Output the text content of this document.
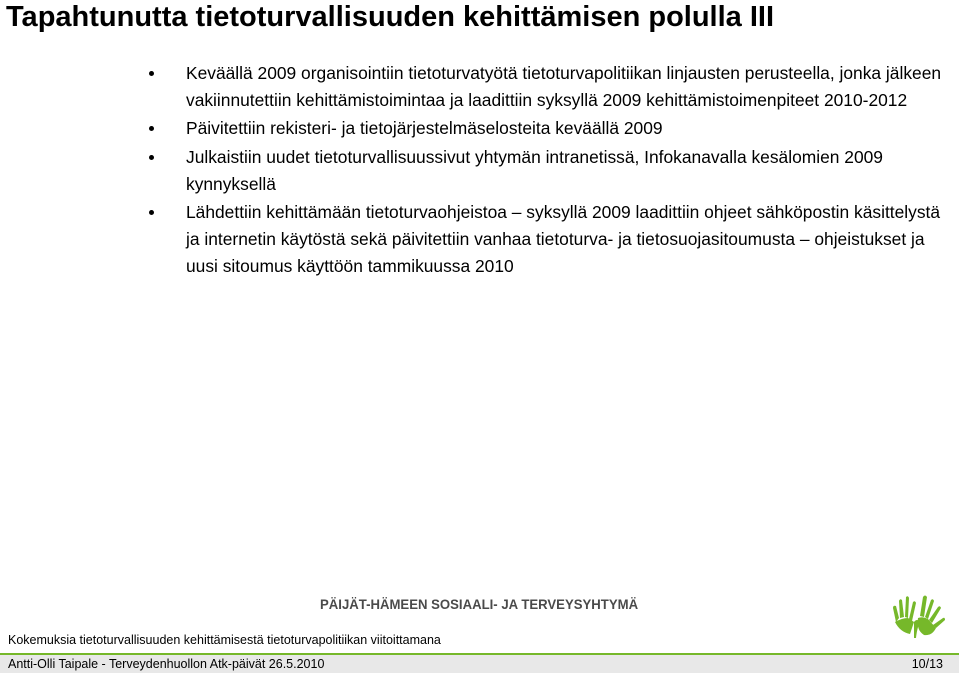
Tapahtunutta tietoturvallisuuden kehittämisen polulla III
Keväällä 2009 organisointiin tietoturvatyötä tietoturvapolitiikan linjausten perusteella, jonka jälkeen vakiinnutettiin kehittämistoimintaa ja laadittiin syksyllä 2009 kehittämistoimenpiteet 2010-2012
Päivitettiin rekisteri- ja tietojärjestelmäselosteita keväällä 2009
Julkaistiin uudet tietoturvallisuussivut yhtymän intranetissä, Infokanavalla kesälomien 2009 kynnyksellä
Lähdettiin kehittämään tietoturvaohjeistoa – syksyllä 2009 laadittiin ohjeet sähköpostin käsittelystä ja internetin käytöstä sekä päivitettiin vanhaa tietoturva- ja tietosuojasitoumusta – ohjeistukset ja uusi sitoumus käyttöön tammikuussa 2010

PÄIJÄT-HÄMEEN SOSIAALI- JA TERVEYSYHTYMÄ

Kokemuksia tietoturvallisuuden kehittämisestä tietoturvapolitiikan viitoittamana

Antti-Olli Taipale - Terveydenhuollon Atk-päivät 26.5.2010	10/13
